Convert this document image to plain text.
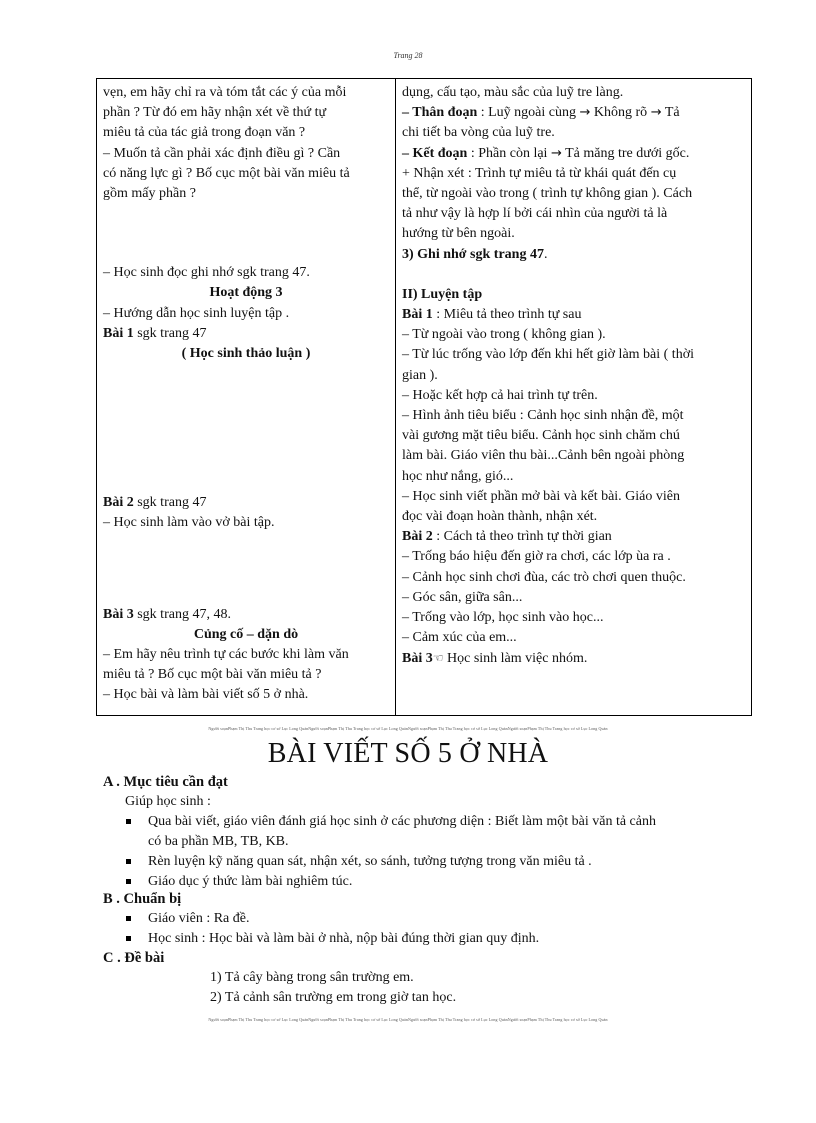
Trang 28
vẹn, em hãy chỉ ra và tóm tắt các ý của mỗi
phần ? Từ đó em hãy nhận xét về thứ tự
miêu tả của tác giả trong đoạn văn ?
– Muốn tả cần phải xác định điều gì ? Cần
có năng lực gì ? Bố cục một bài văn miêu tả
gồm mấy phần ?
– Học sinh đọc ghi nhớ sgk trang 47.
Hoạt động 3
– Hướng dẫn học sinh luyện tập .
Bài 1 sgk trang 47
( Học sinh thảo luận )
Bài 2 sgk trang 47
– Học sinh làm vào vở bài tập.
Bài 3 sgk trang 47, 48.
Củng cố – dặn dò
– Em hãy nêu trình tự các bước khi làm văn
miêu tả ? Bố cục một bài văn miêu tả ?
– Học bài và làm bài viết số 5 ở nhà.

dụng, cấu tạo, màu sắc của luỹ tre làng.
– Thân đoạn : Luỹ ngoài cùng → Không rõ → Tả
chi tiết ba vòng của luỹ tre.
– Kết đoạn : Phần còn lại → Tả măng tre dưới gốc.
+ Nhận xét : Trình tự miêu tả từ khái quát đến cụ
thể, từ ngoài vào trong ( trình tự không gian ). Cách
tả như vậy là hợp lí bởi cái nhìn của người tả là
hướng từ bên ngoài.
3) Ghi nhớ sgk trang 47.
II) Luyện tập
Bài 1 : Miêu tả theo trình tự sau
– Từ ngoài vào trong ( không gian ).
– Từ lúc trống vào lớp đến khi hết giờ làm bài ( thời
gian ).
– Hoặc kết hợp cả hai trình tự trên.
– Hình ảnh tiêu biểu : Cảnh học sinh nhận đề, một
vài gương mặt tiêu biểu. Cảnh học sinh chăm chú
làm bài. Giáo viên thu bài...Cảnh bên ngoài phòng
học như nắng, gió...
– Học sinh viết phần mở bài và kết bài. Giáo viên
đọc vài đoạn hoàn thành, nhận xét.
Bài 2 : Cách tả theo trình tự thời gian
– Trống báo hiệu đến giờ ra chơi, các lớp ùa ra .
– Cảnh học sinh chơi đùa, các trò chơi quen thuộc.
– Góc sân, giữa sân...
– Trống vào lớp, học sinh vào học...
– Cảm xúc của em...
Bài 3☜ Học sinh làm việc nhóm.
Người soạnPhạm Thị Thu Trang học cơ sở Lục Long QuảnNgười soạnPhạm Thị Thu Trang học cơ sở Lục Long QuảnNgười soạnPhạm Thị Thu Trang học cơ sở Lục Long QuảnNgười soạnPhạm Thị Thu Trang học cơ sở Lục Long Quản
BÀI VIẾT SỐ 5 Ở NHÀ
A . Mục tiêu cần đạt
Giúp học sinh :
Qua bài viết, giáo viên đánh giá học sinh ở các phương diện : Biết làm một bài văn tả cảnh
có ba phần MB, TB, KB.
Rèn luyện kỹ năng quan sát, nhận xét, so sánh, tưởng tượng trong văn miêu tả .
Giáo dục ý thức làm bài nghiêm túc.
B . Chuẩn bị
Giáo viên : Ra đề.
Học sinh : Học bài và làm bài ở nhà, nộp bài đúng thời gian quy định.
C . Đề bài
1) Tả cây bàng trong sân trường em.
2) Tả cảnh sân trường em trong giờ tan học.
Người soạnPhạm Thị Thu Trang học cơ sở Lục Long QuảnNgười soạnPhạm Thị Thu Trang học cơ sở Lục Long QuảnNgười soạnPhạm Thị Thu Trang học cơ sở Lục Long QuảnNgười soạnPhạm Thị Thu Trang học cơ sở Lục Long Quản
